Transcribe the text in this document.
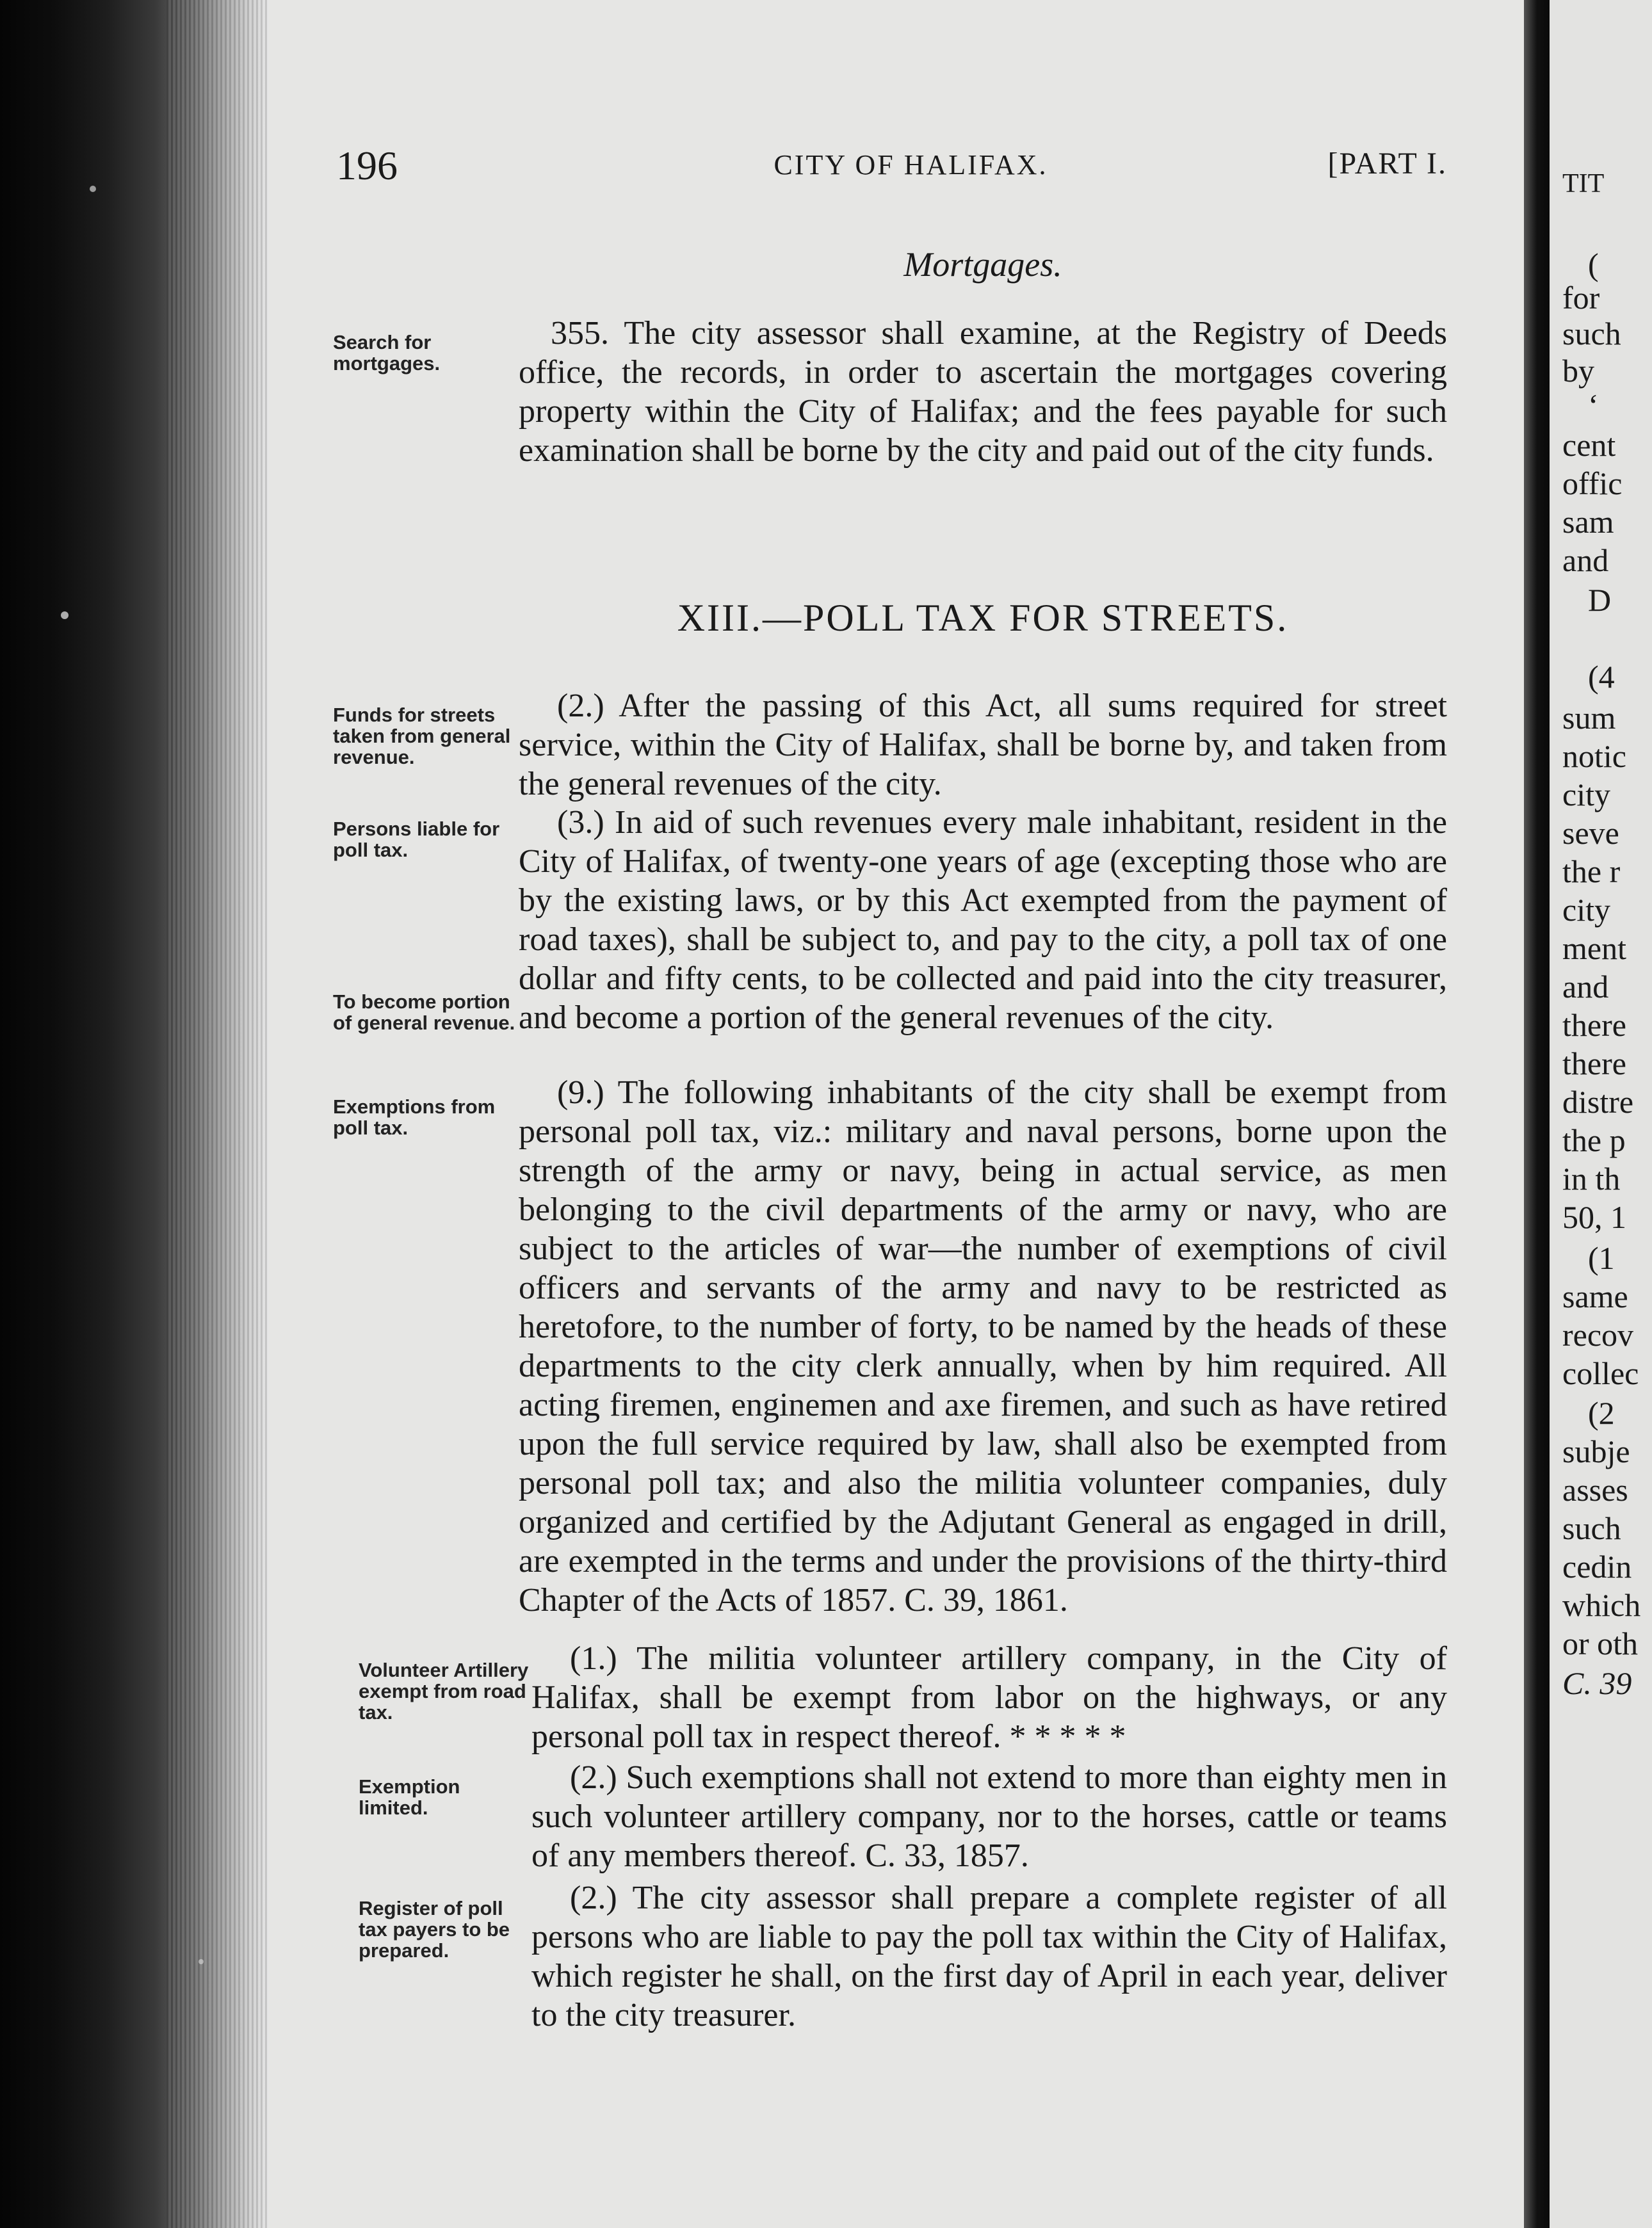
TIT
(
for
such
by
‘
cent
offic
sam
and
D
(4
sum
notic
city
seve
the r
city
ment
and
there
there
distre
the p
in th
50, 1
(1
same
recov
collec
(2
subje
asses
such
cedin
which
or oth
C. 39
196	CITY OF HALIFAX.	[PART I.
Mortgages.
Search for mortgages.
Funds for streets taken from general revenue.
Persons liable for poll tax.
To become portion of general revenue.
Exemptions from poll tax.
Volunteer Artillery exempt from road tax.
Exemption limited.
Register of poll tax payers to be prepared.
355. The city assessor shall examine, at the Registry of Deeds office, the records, in order to ascertain the mortgages covering property within the City of Halifax; and the fees payable for such examination shall be borne by the city and paid out of the city funds.
XIII.—POLL TAX FOR STREETS.
(2.) After the passing of this Act, all sums required for street service, within the City of Halifax, shall be borne by, and taken from the general revenues of the city.
(3.) In aid of such revenues every male inhabitant, resident in the City of Halifax, of twenty-one years of age (excepting those who are by the existing laws, or by this Act exempted from the payment of road taxes), shall be subject to, and pay to the city, a poll tax of one dollar and fifty cents, to be collected and paid into the city treasurer, and become a portion of the general revenues of the city.
(9.) The following inhabitants of the city shall be exempt from personal poll tax, viz.: military and naval persons, borne upon the strength of the army or navy, being in actual service, as men belonging to the civil departments of the army or navy, who are subject to the articles of war—the number of exemptions of civil officers and servants of the army and navy to be restricted as heretofore, to the number of forty, to be named by the heads of these departments to the city clerk annually, when by him required. All acting firemen, enginemen and axe firemen, and such as have retired upon the full service required by law, shall also be exempted from personal poll tax; and also the militia volunteer companies, duly organized and certified by the Adjutant General as engaged in drill, are exempted in the terms and under the provisions of the thirty-third Chapter of the Acts of 1857. C. 39, 1861.
(1.) The militia volunteer artillery company, in the City of Halifax, shall be exempt from labor on the highways, or any personal poll tax in respect thereof. * * * * *
(2.) Such exemptions shall not extend to more than eighty men in such volunteer artillery company, nor to the horses, cattle or teams of any members thereof. C. 33, 1857.
(2.) The city assessor shall prepare a complete register of all persons who are liable to pay the poll tax within the City of Halifax, which register he shall, on the first day of April in each year, deliver to the city treasurer.
